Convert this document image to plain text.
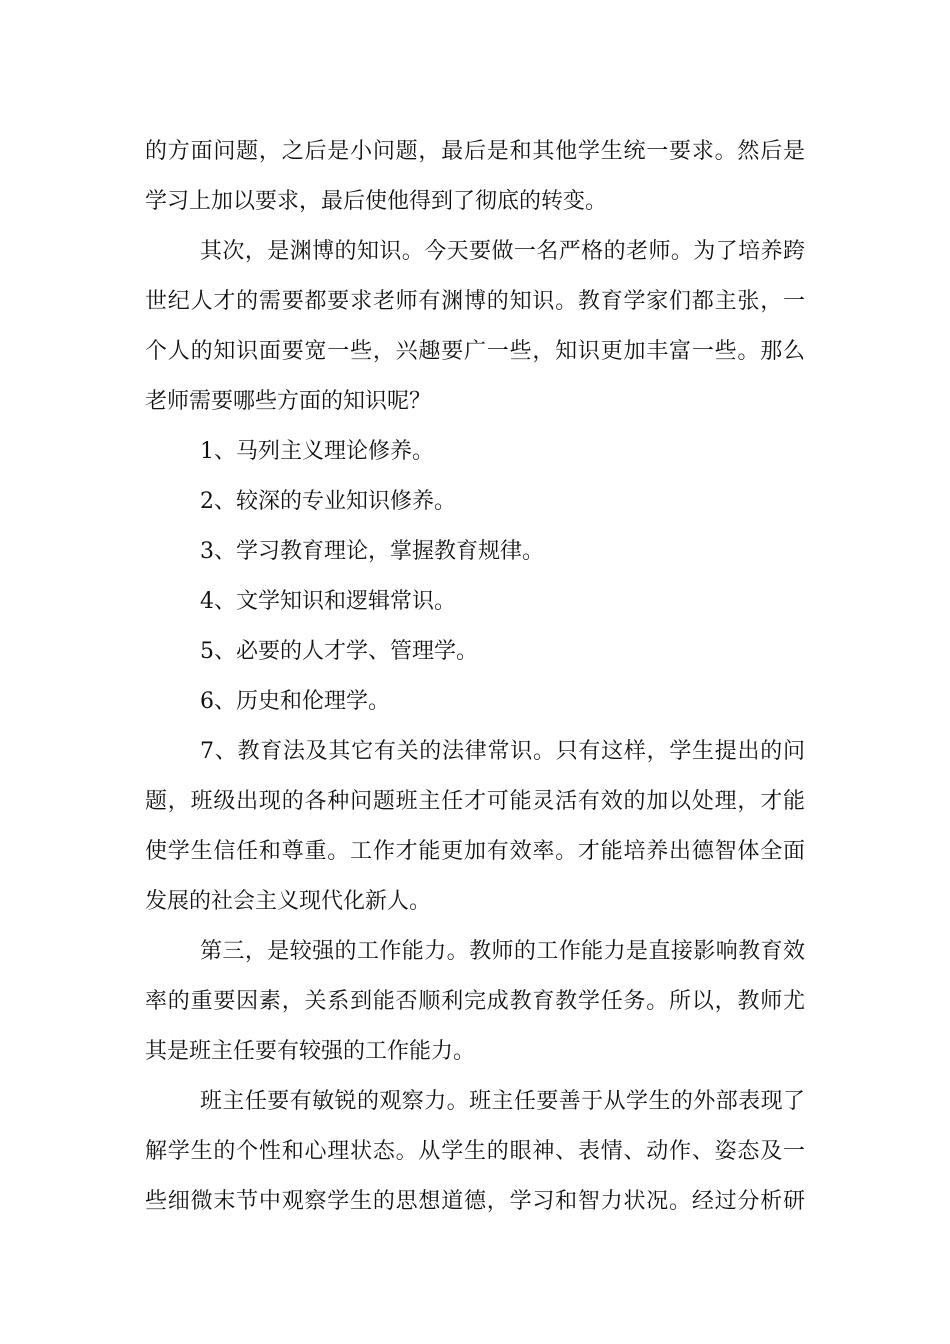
的方面问题，之后是小问题，最后是和其他学生统一要求。然后是
学习上加以要求，最后使他得到了彻底的转变。
其次，是渊博的知识。今天要做一名严格的老师。为了培养跨
世纪人才的需要都要求老师有渊博的知识。教育学家们都主张，一
个人的知识面要宽一些，兴趣要广一些，知识更加丰富一些。那么
老师需要哪些方面的知识呢？
1、马列主义理论修养。
2、较深的专业知识修养。
3、学习教育理论，掌握教育规律。
4、文学知识和逻辑常识。
5、必要的人才学、管理学。
6、历史和伦理学。
7、教育法及其它有关的法律常识。只有这样，学生提出的问
题，班级出现的各种问题班主任才可能灵活有效的加以处理，才能
使学生信任和尊重。工作才能更加有效率。才能培养出德智体全面
发展的社会主义现代化新人。
第三，是较强的工作能力。教师的工作能力是直接影响教育效
率的重要因素，关系到能否顺利完成教育教学任务。所以，教师尤
其是班主任要有较强的工作能力。
班主任要有敏锐的观察力。班主任要善于从学生的外部表现了
解学生的个性和心理状态。从学生的眼神、表情、动作、姿态及一
些细微末节中观察学生的思想道德，学习和智力状况。经过分析研
